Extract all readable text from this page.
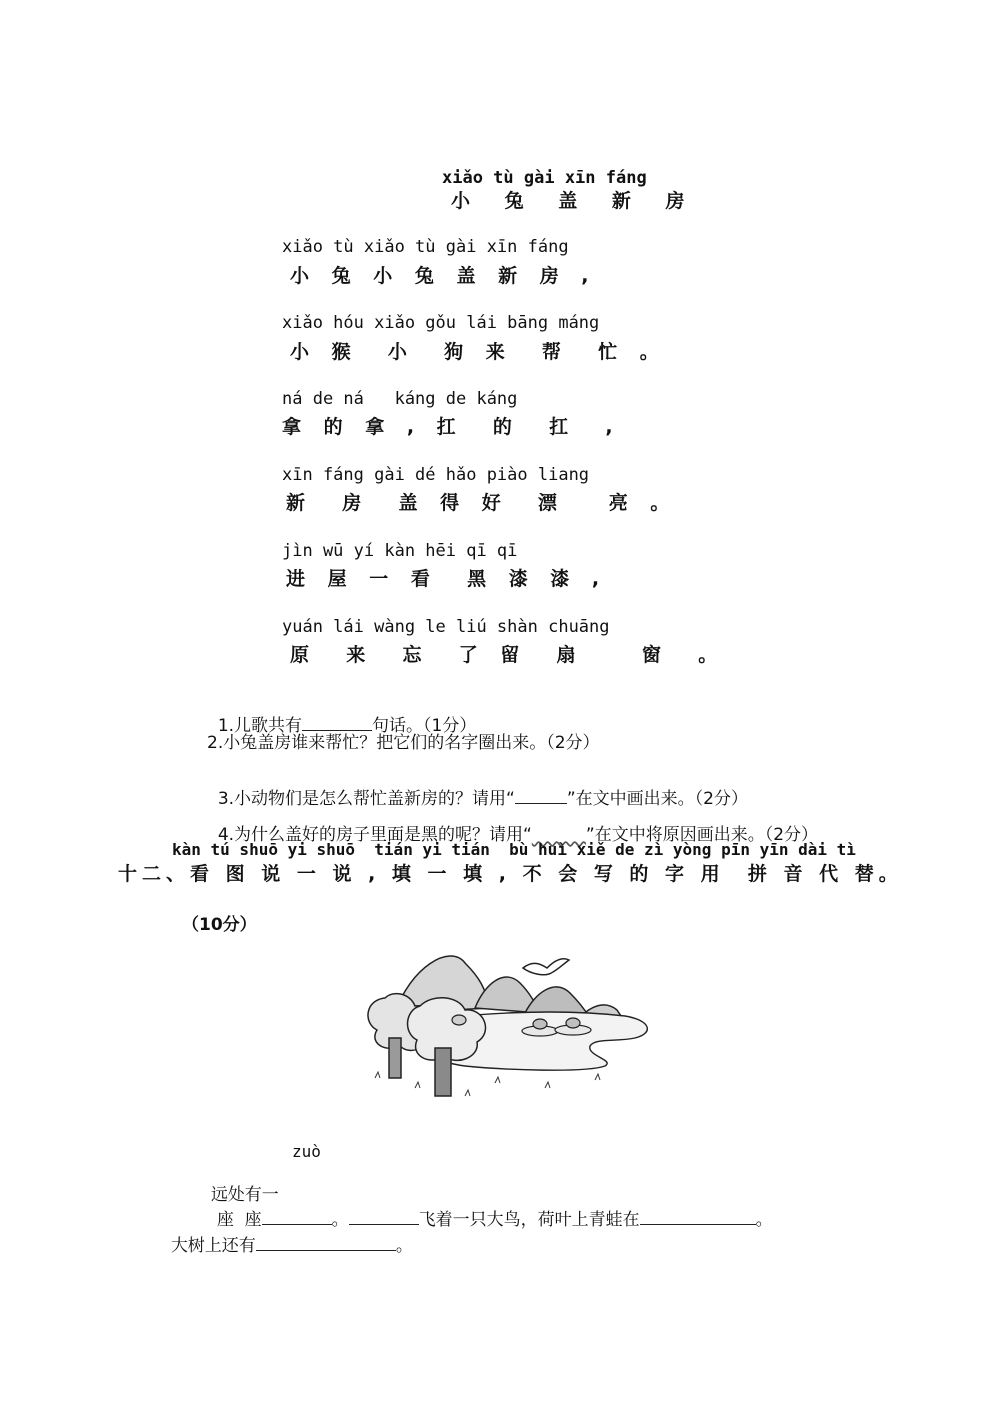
xiǎo tù gài xīn fáng
小 兔 盖 新 房
xiǎo tù xiǎo tù gài xīn fáng
小 兔 小 兔 盖 新 房 ,
xiǎo hóu xiǎo gǒu lái bāng máng
小 猴  小  狗 来  帮  忙 。
ná de ná   káng de káng
拿 的 拿 , 扛  的  扛  ,
xīn fáng gài dé hǎo piào liang
新  房  盖 得 好  漂   亮 。
jìn wū yí kàn hēi qī qī
进 屋 一 看  黑 漆 漆 ,
yuán lái wàng le liú shàn chuāng
原  来  忘  了 留  扇    窗  。

1.儿歌共有	句话。（1分）

2.小兔盖房谁来帮忙？把它们的名字圈出来。（2分）

3.小动物们是怎么帮忙盖新房的？请用“	”在文中画出来。（2分）

4.为什么盖好的房子里面是黑的呢？请用“​          ”在文中将原因画出来。（2分）

kàn tú shuō yi shuō  tián yi tián  bù huì xiě de zì yòng pīn yīn dài tì
十二、看 图 说 一 说 , 填 一 填 , 不 会 写 的 字 用  拼 音 代 替。
（10分）
zuò

远处有一
座  座	。	飞着一只大鸟，荷叶上青蛙在	。

大树上还有	。
